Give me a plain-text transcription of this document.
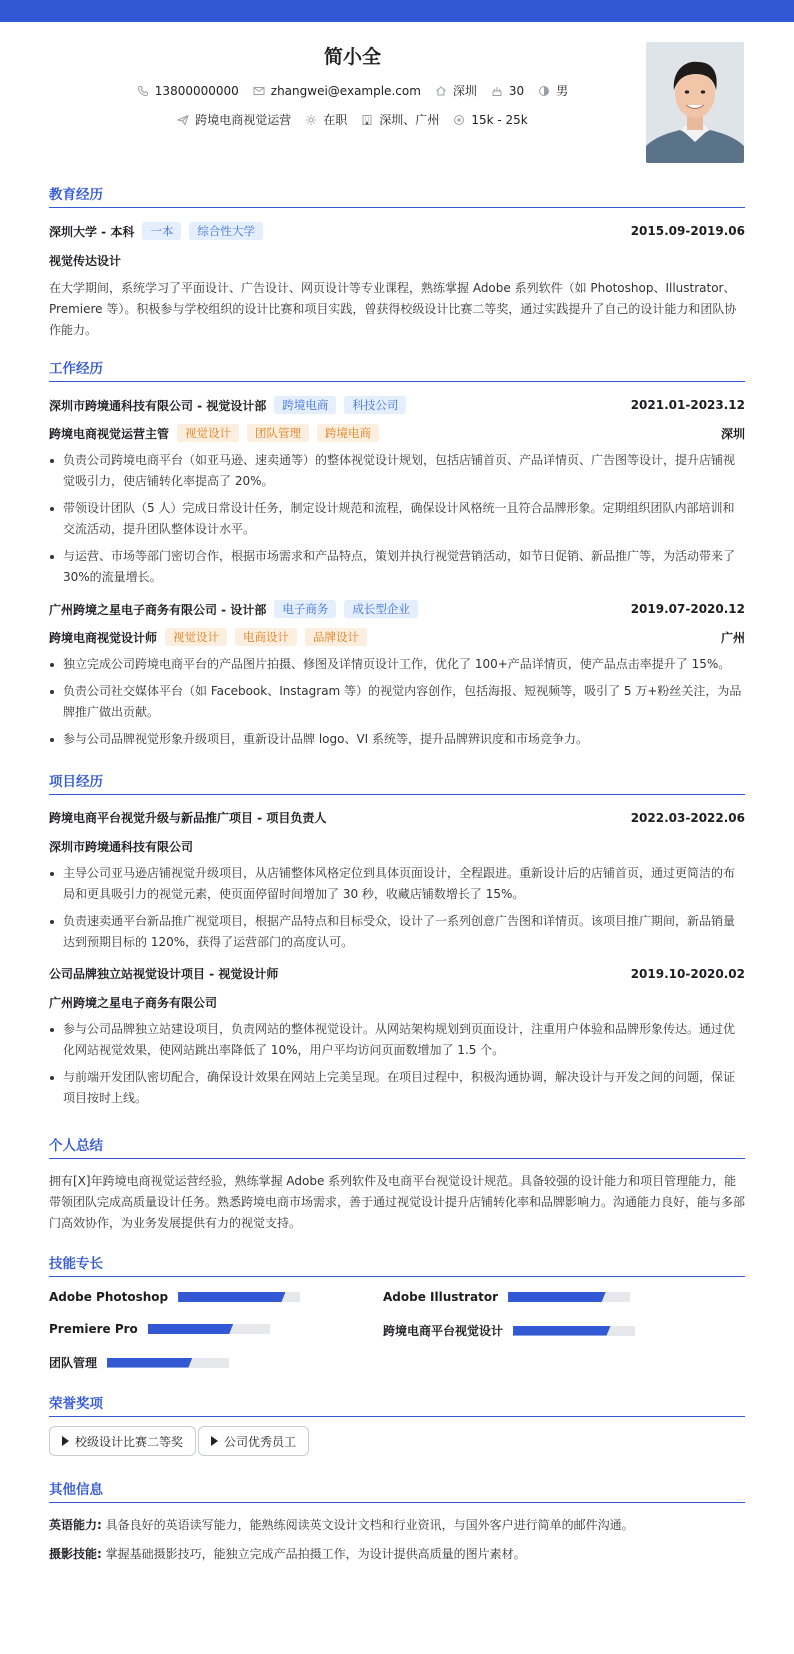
简小全
13800000000	zhangwei@example.com	深圳	30	男
跨境电商视觉运营	在职	深圳、广州	15k - 25k
教育经历
深圳大学 - 本科	一本	综合性大学	2015.09-2019.06
视觉传达设计
在大学期间，系统学习了平面设计、广告设计、网页设计等专业课程，熟练掌握 Adobe 系列软件（如 Photoshop、Illustrator、Premiere 等）。积极参与学校组织的设计比赛和项目实践，曾获得校级设计比赛二等奖，通过实践提升了自己的设计能力和团队协作能力。
工作经历
深圳市跨境通科技有限公司 - 视觉设计部	跨境电商	科技公司	2021.01-2023.12
跨境电商视觉运营主管	视觉设计	团队管理	跨境电商	深圳
负责公司跨境电商平台（如亚马逊、速卖通等）的整体视觉设计规划，包括店铺首页、产品详情页、广告图等设计，提升店铺视觉吸引力，使店铺转化率提高了 20%。
带领设计团队（5 人）完成日常设计任务，制定设计规范和流程，确保设计风格统一且符合品牌形象。定期组织团队内部培训和交流活动，提升团队整体设计水平。
与运营、市场等部门密切合作，根据市场需求和产品特点，策划并执行视觉营销活动，如节日促销、新品推广等，为活动带来了 30%的流量增长。
广州跨境之星电子商务有限公司 - 设计部	电子商务	成长型企业	2019.07-2020.12
跨境电商视觉设计师	视觉设计	电商设计	品牌设计	广州
独立完成公司跨境电商平台的产品图片拍摄、修图及详情页设计工作，优化了 100+产品详情页，使产品点击率提升了 15%。
负责公司社交媒体平台（如 Facebook、Instagram 等）的视觉内容创作，包括海报、短视频等，吸引了 5 万+粉丝关注，为品牌推广做出贡献。
参与公司品牌视觉形象升级项目，重新设计品牌 logo、VI 系统等，提升品牌辨识度和市场竞争力。
项目经历
跨境电商平台视觉升级与新品推广项目 - 项目负责人	2022.03-2022.06
深圳市跨境通科技有限公司
主导公司亚马逊店铺视觉升级项目，从店铺整体风格定位到具体页面设计，全程跟进。重新设计后的店铺首页，通过更简洁的布局和更具吸引力的视觉元素，使页面停留时间增加了 30 秒，收藏店铺数增长了 15%。
负责速卖通平台新品推广视觉项目，根据产品特点和目标受众，设计了一系列创意广告图和详情页。该项目推广期间，新品销量达到预期目标的 120%，获得了运营部门的高度认可。
公司品牌独立站视觉设计项目 - 视觉设计师	2019.10-2020.02
广州跨境之星电子商务有限公司
参与公司品牌独立站建设项目，负责网站的整体视觉设计。从网站架构规划到页面设计，注重用户体验和品牌形象传达。通过优化网站视觉效果，使网站跳出率降低了 10%，用户平均访问页面数增加了 1.5 个。
与前端开发团队密切配合，确保设计效果在网站上完美呈现。在项目过程中，积极沟通协调，解决设计与开发之间的问题，保证项目按时上线。
个人总结
拥有[X]年跨境电商视觉运营经验，熟练掌握 Adobe 系列软件及电商平台视觉设计规范。具备较强的设计能力和项目管理能力，能带领团队完成高质量设计任务。熟悉跨境电商市场需求，善于通过视觉设计提升店铺转化率和品牌影响力。沟通能力良好，能与多部门高效协作，为业务发展提供有力的视觉支持。
技能专长
Adobe Photoshop	Adobe Illustrator
Premiere Pro	跨境电商平台视觉设计
团队管理
荣誉奖项
校级设计比赛二等奖	公司优秀员工
其他信息
英语能力: 具备良好的英语读写能力，能熟练阅读英文设计文档和行业资讯，与国外客户进行简单的邮件沟通。
摄影技能: 掌握基础摄影技巧，能独立完成产品拍摄工作，为设计提供高质量的图片素材。
